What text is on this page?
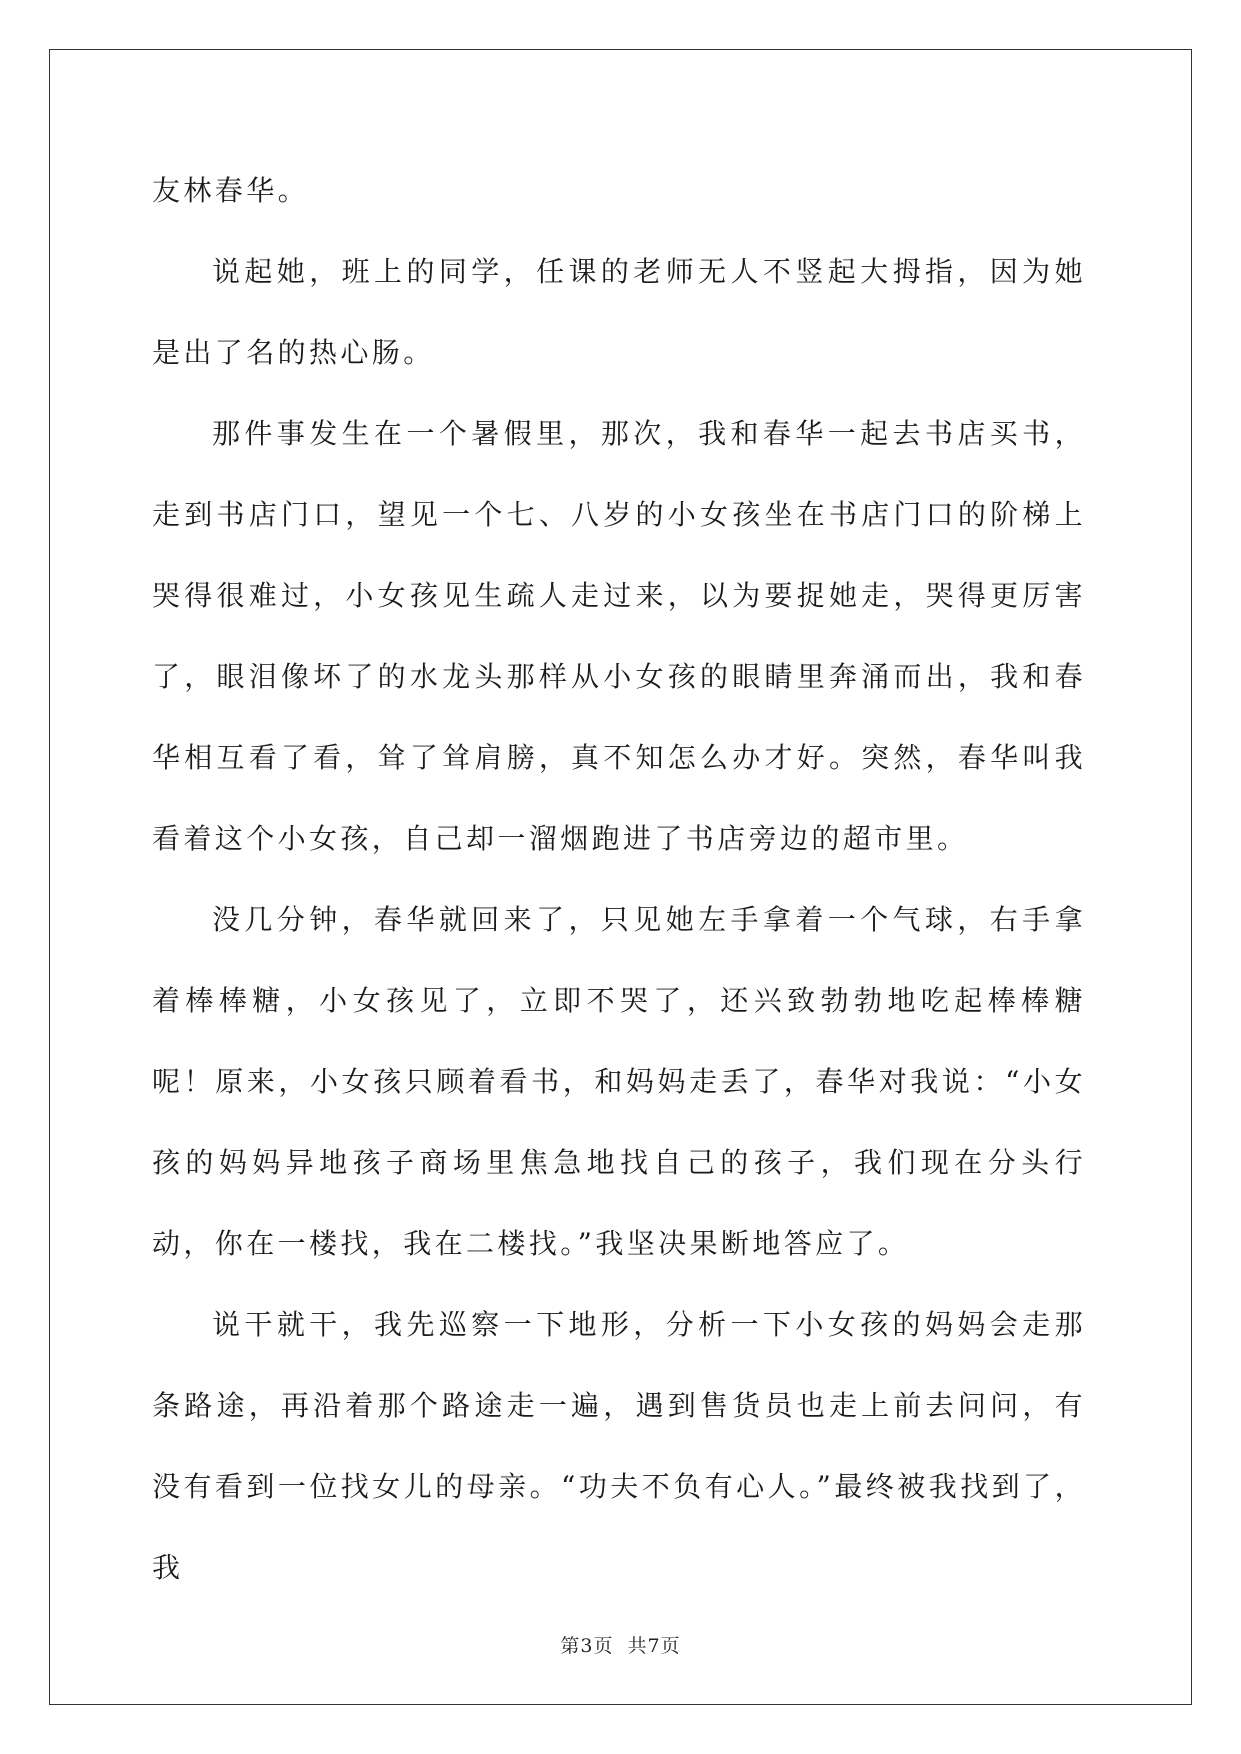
友林春华。

说起她，班上的同学，任课的老师无人不竖起大拇指，因为她是出了名的热心肠。

那件事发生在一个暑假里，那次，我和春华一起去书店买书，走到书店门口，望见一个七、八岁的小女孩坐在书店门口的阶梯上哭得很难过，小女孩见生疏人走过来，以为要捉她走，哭得更厉害了，眼泪像坏了的水龙头那样从小女孩的眼睛里奔涌而出，我和春华相互看了看，耸了耸肩膀，真不知怎么办才好。突然，春华叫我看着这个小女孩，自己却一溜烟跑进了书店旁边的超市里。

没几分钟，春华就回来了，只见她左手拿着一个气球，右手拿着棒棒糖，小女孩见了，立即不哭了，还兴致勃勃地吃起棒棒糖呢！原来，小女孩只顾着看书，和妈妈走丢了，春华对我说：“小女孩的妈妈异地孩子商场里焦急地找自己的孩子，我们现在分头行动，你在一楼找，我在二楼找。”我坚决果断地答应了。

说干就干，我先巡察一下地形，分析一下小女孩的妈妈会走那条路途，再沿着那个路途走一遍，遇到售货员也走上前去问问，有没有看到一位找女儿的母亲。“功夫不负有心人。”最终被我找到了，我

第3页 共7页
